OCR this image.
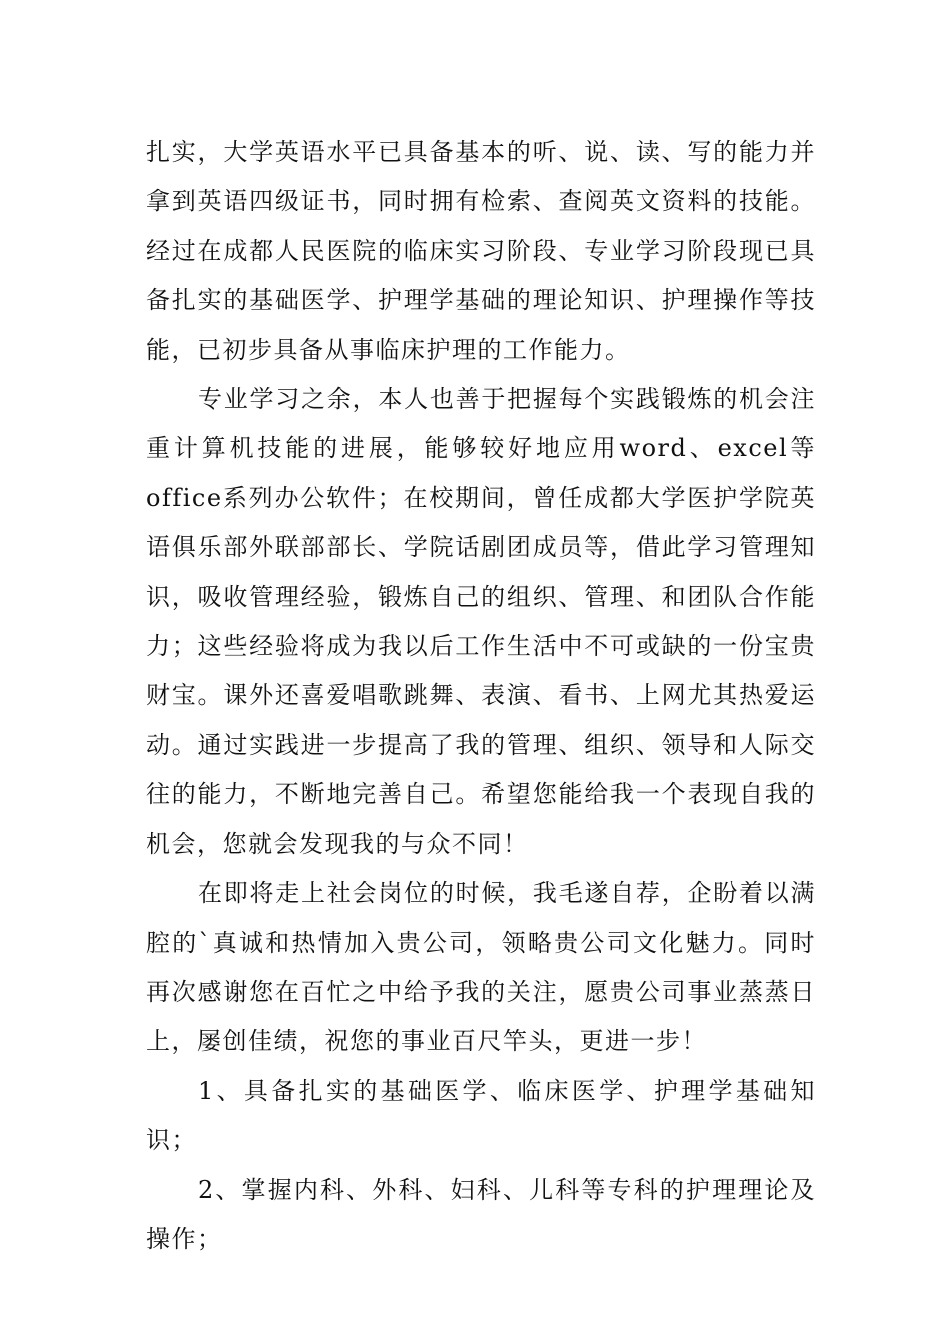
扎实，大学英语水平已具备基本的听、说、读、写的能力并拿到英语四级证书，同时拥有检索、查阅英文资料的技能。经过在成都人民医院的临床实习阶段、专业学习阶段现已具备扎实的基础医学、护理学基础的理论知识、护理操作等技能，已初步具备从事临床护理的工作能力。

专业学习之余，本人也善于把握每个实践锻炼的机会注重计算机技能的进展，能够较好地应用word、excel等office系列办公软件；在校期间，曾任成都大学医护学院英语俱乐部外联部部长、学院话剧团成员等，借此学习管理知识，吸收管理经验，锻炼自己的组织、管理、和团队合作能力；这些经验将成为我以后工作生活中不可或缺的一份宝贵财宝。课外还喜爱唱歌跳舞、表演、看书、上网尤其热爱运动。通过实践进一步提高了我的管理、组织、领导和人际交往的能力，不断地完善自己。希望您能给我一个表现自我的机会，您就会发现我的与众不同！

在即将走上社会岗位的时候，我毛遂自荐，企盼着以满腔的`真诚和热情加入贵公司，领略贵公司文化魅力。同时再次感谢您在百忙之中给予我的关注，愿贵公司事业蒸蒸日上，屡创佳绩，祝您的事业百尺竿头，更进一步！

1、具备扎实的基础医学、临床医学、护理学基础知识；

2、掌握内科、外科、妇科、儿科等专科的护理理论及操作；
